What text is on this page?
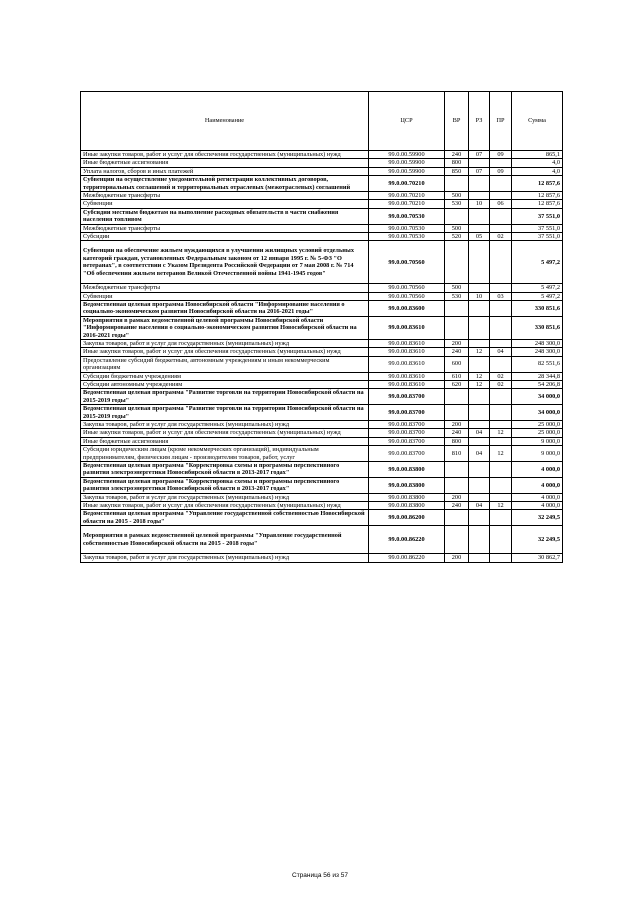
Наименование	ЦСР	ВР	РЗ	ПР	Сумма
Иные закупки товаров, работ и услуг для обеспечения государственных (муниципальных) нужд	99.0.00.59900	240	07	09	865,1
Иные бюджетные ассигнования	99.0.00.59900	800			4,0
Уплата налогов, сборов и иных платежей	99.0.00.59900	850	07	09	4,0
Субвенции на осуществление уведомительной регистрации коллективных договоров, территориальных соглашений и территориальных отраслевых (межотраслевых) соглашений	99.0.00.70210				12 857,6
Межбюджетные трансферты	99.0.00.70210	500			12 857,6
Субвенции	99.0.00.70210	530	10	06	12 857,6
Субсидии местным бюджетам на выполнение расходных обязательств в части снабжения населения топливом	99.0.00.70530				37 551,0
Межбюджетные трансферты	99.0.00.70530	500			37 551,0
Субсидии	99.0.00.70530	520	05	02	37 551,0
Субвенции на обеспечение жильем нуждающихся в улучшении жилищных условий отдельных категорий граждан, установленных Федеральным законом от 12 января 1995 г. № 5-ФЗ "О ветеранах", в соответствии с Указом Президента Российской Федерации от 7 мая 2008 г. № 714 "Об обеспечении жильем ветеранов Великой Отечественной войны 1941-1945 годов"	99.0.00.70560				5 497,2
Межбюджетные трансферты	99.0.00.70560	500			5 497,2
Субвенции	99.0.00.70560	530	10	03	5 497,2
Ведомственная целевая программа Новосибирской области "Информирование населения о социально-экономическом развитии Новосибирской области на 2016-2021 годы"	99.0.00.83600				330 851,6
Мероприятия в рамках ведомственной целевой программы Новосибирской области "Информирование населения о социально-экономическом развитии Новосибирской области на 2016-2021 годы"	99.0.00.83610				330 851,6
Закупка товаров, работ и услуг для государственных (муниципальных) нужд	99.0.00.83610	200			248 300,0
Иные закупки товаров, работ и услуг для обеспечения государственных (муниципальных) нужд	99.0.00.83610	240	12	04	248 300,0
Предоставление субсидий бюджетным, автономным учреждениям и иным некоммерческим организациям	99.0.00.83610	600			82 551,6
Субсидии бюджетным учреждениям	99.0.00.83610	610	12	02	28 344,8
Субсидии автономным учреждениям	99.0.00.83610	620	12	02	54 206,8
Ведомственная целевая программа "Развитие торговли на территории Новосибирской области на 2015-2019 годы"	99.0.00.83700				34 000,0
Ведомственная целевая программа "Развитие торговли на территории Новосибирской области на 2015-2019 годы"	99.0.00.83700				34 000,0
Закупка товаров, работ и услуг для государственных (муниципальных) нужд	99.0.00.83700	200			25 000,0
Иные закупки товаров, работ и услуг для обеспечения государственных (муниципальных) нужд	99.0.00.83700	240	04	12	25 000,0
Иные бюджетные ассигнования	99.0.00.83700	800			9 000,0
Субсидии юридическим лицам (кроме некоммерческих организаций), индивидуальным предпринимателям, физическим лицам - производителям товаров, работ, услуг	99.0.00.83700	810	04	12	9 000,0
Ведомственная целевая программа "Корректировка схемы и программы перспективного развития электроэнергетики Новосибирской области в 2013-2017 годах"	99.0.00.83800				4 000,0
Ведомственная целевая программа "Корректировка схемы и программы перспективного развития электроэнергетики Новосибирской области в 2013-2017 годах"	99.0.00.83800				4 000,0
Закупка товаров, работ и услуг для государственных (муниципальных) нужд	99.0.00.83800	200			4 000,0
Иные закупки товаров, работ и услуг для обеспечения государственных (муниципальных) нужд	99.0.00.83800	240	04	12	4 000,0
Ведомственная целевая программа "Управление государственной собственностью Новосибирской области на 2015 - 2018 годы"	99.0.00.86200				32 249,5
Мероприятия в рамках ведомственной целевой программы "Управление государственной собственностью Новосибирской области на 2015 - 2018 годы"	99.0.00.86220				32 249,5
Закупка товаров, работ и услуг для государственных (муниципальных) нужд	99.0.00.86220	200			30 862,7
Страница 56 из 57
